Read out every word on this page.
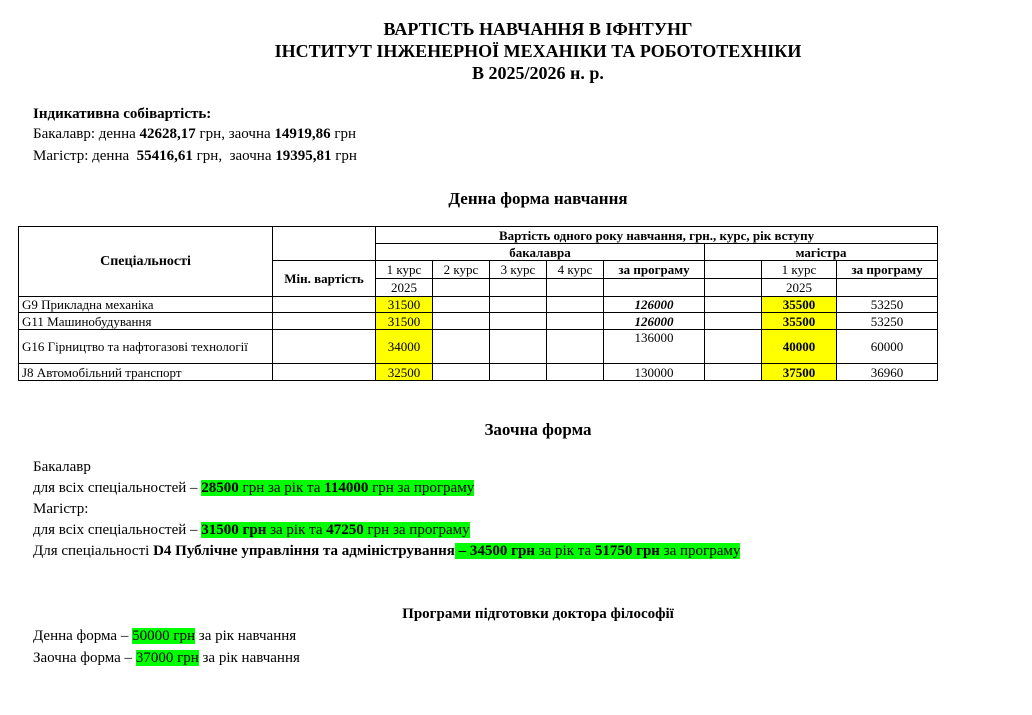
ВАРТІСТЬ НАВЧАННЯ В ІФНТУНГ
ІНСТИТУТ ІНЖЕНЕРНОЇ МЕХАНІКИ ТА РОБОТОТЕХНІКИ
В 2025/2026 н. р.
Індикативна собівартість:
Бакалавр: денна 42628,17 грн, заочна 14919,86 грн
Магістр: денна  55416,61 грн,  заочна 19395,81 грн
Денна форма навчання
Спеціальності		Вартість одного року навчання, грн., курс, рік вступу							
		бакалавра					магістра		
	Мін. вартість	1 курс	2 курс	3 курс	4 курс	за програму		1 курс	за програму
		2025						2025	
G9 Прикладна механіка		31500				126000		35500	53250
G11 Машинобудування		31500				126000		35500	53250
G16 Гірництво та нафтогазові технології		34000				136000		40000	60000
J8 Автомобільний транспорт		32500				130000		37500	36960
Заочна форма
Бакалавр
для всіх спеціальностей – 28500 грн за рік та 114000 грн за програму
Магістр:
для всіх спеціальностей – 31500 грн за рік та 47250 грн за програму
Для спеціальності D4 Публічне управління та адміністрування – 34500 грн за рік та 51750 грн за програму
Програми підготовки доктора філософії
Денна форма – 50000 грн за рік навчання
Заочна форма – 37000 грн за рік навчання
